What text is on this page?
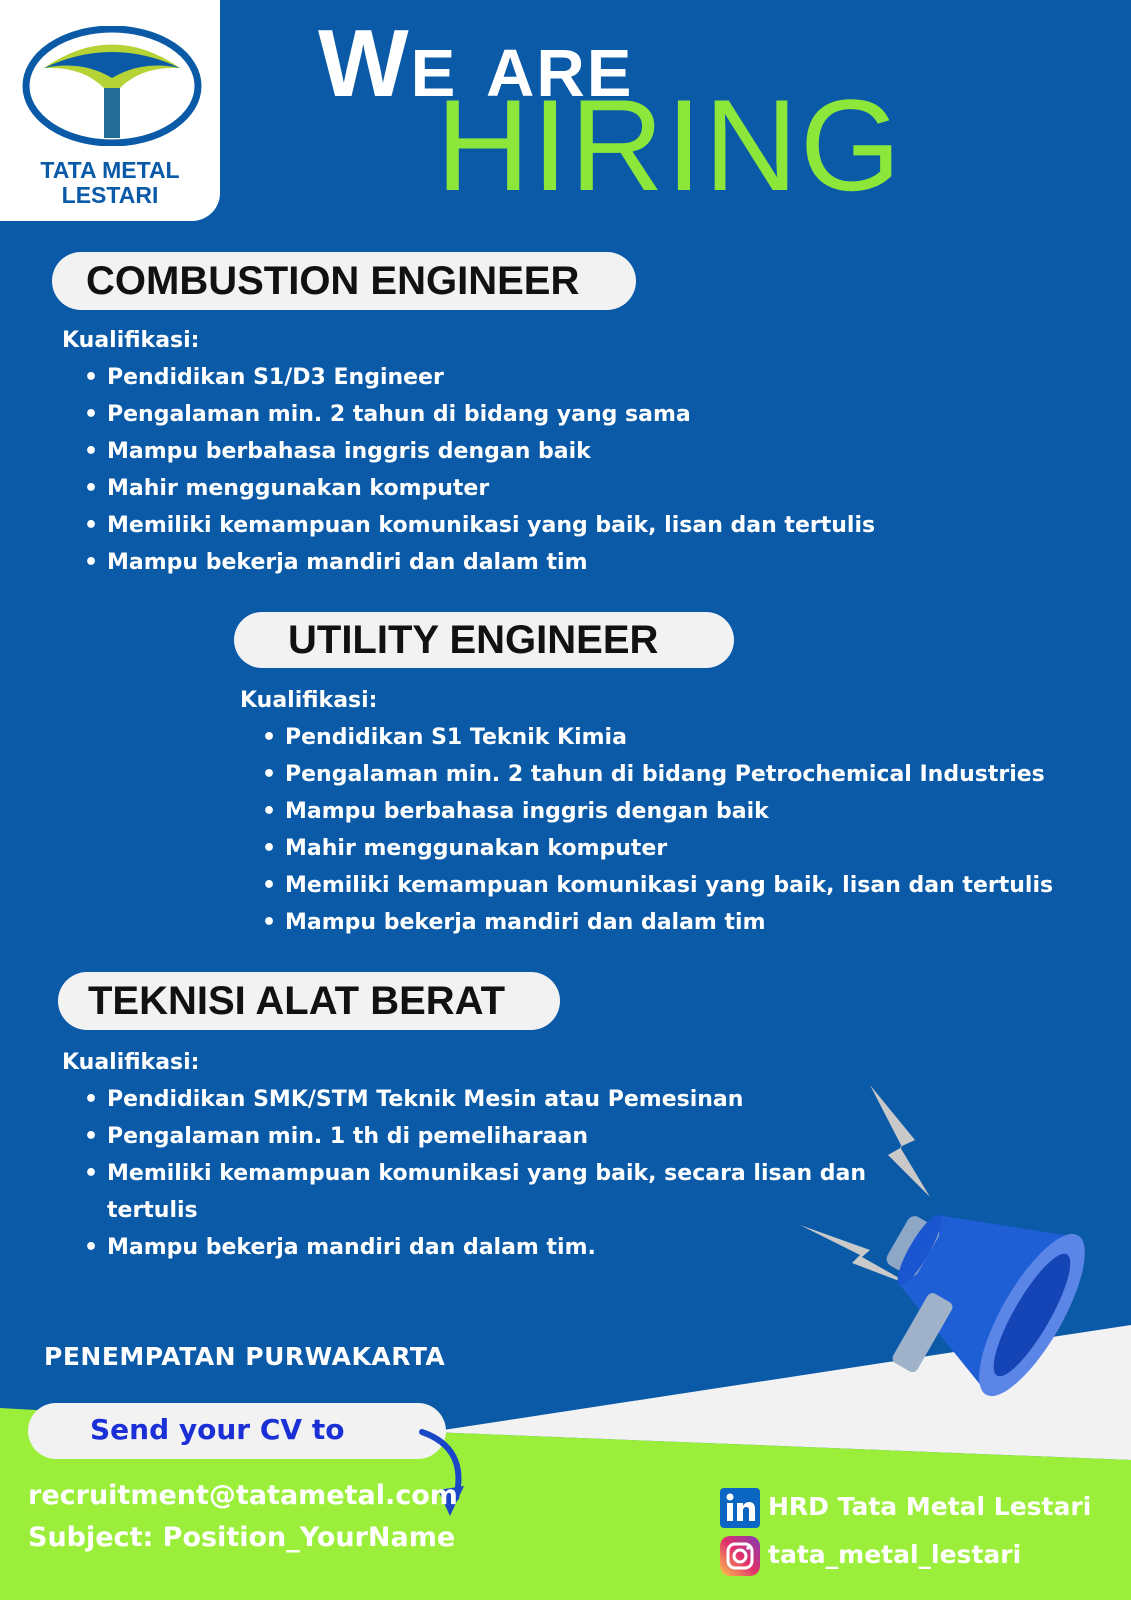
TATA METAL
LESTARI
We are
HIRING
COMBUSTION ENGINEER
Kualifikasi:
• Pendidikan S1/D3 Engineer
• Pengalaman min. 2 tahun di bidang yang sama
• Mampu berbahasa inggris dengan baik
• Mahir menggunakan komputer
• Memiliki kemampuan komunikasi yang baik, lisan dan tertulis
• Mampu bekerja mandiri dan dalam tim
UTILITY ENGINEER
Kualifikasi:
• Pendidikan S1 Teknik Kimia
• Pengalaman min. 2 tahun di bidang Petrochemical Industries
• Mampu berbahasa inggris dengan baik
• Mahir menggunakan komputer
• Memiliki kemampuan komunikasi yang baik, lisan dan tertulis
• Mampu bekerja mandiri dan dalam tim
TEKNISI ALAT BERAT
Kualifikasi:
• Pendidikan SMK/STM Teknik Mesin atau Pemesinan
• Pengalaman min. 1 th di pemeliharaan
• Memiliki kemampuan komunikasi yang baik, secara lisan dan tertulis
• Mampu bekerja mandiri dan dalam tim.
PENEMPATAN PURWAKARTA
Send your CV to
recruitment@tatametal.com
Subject: Position_YourName
HRD Tata Metal Lestari
tata_metal_lestari
